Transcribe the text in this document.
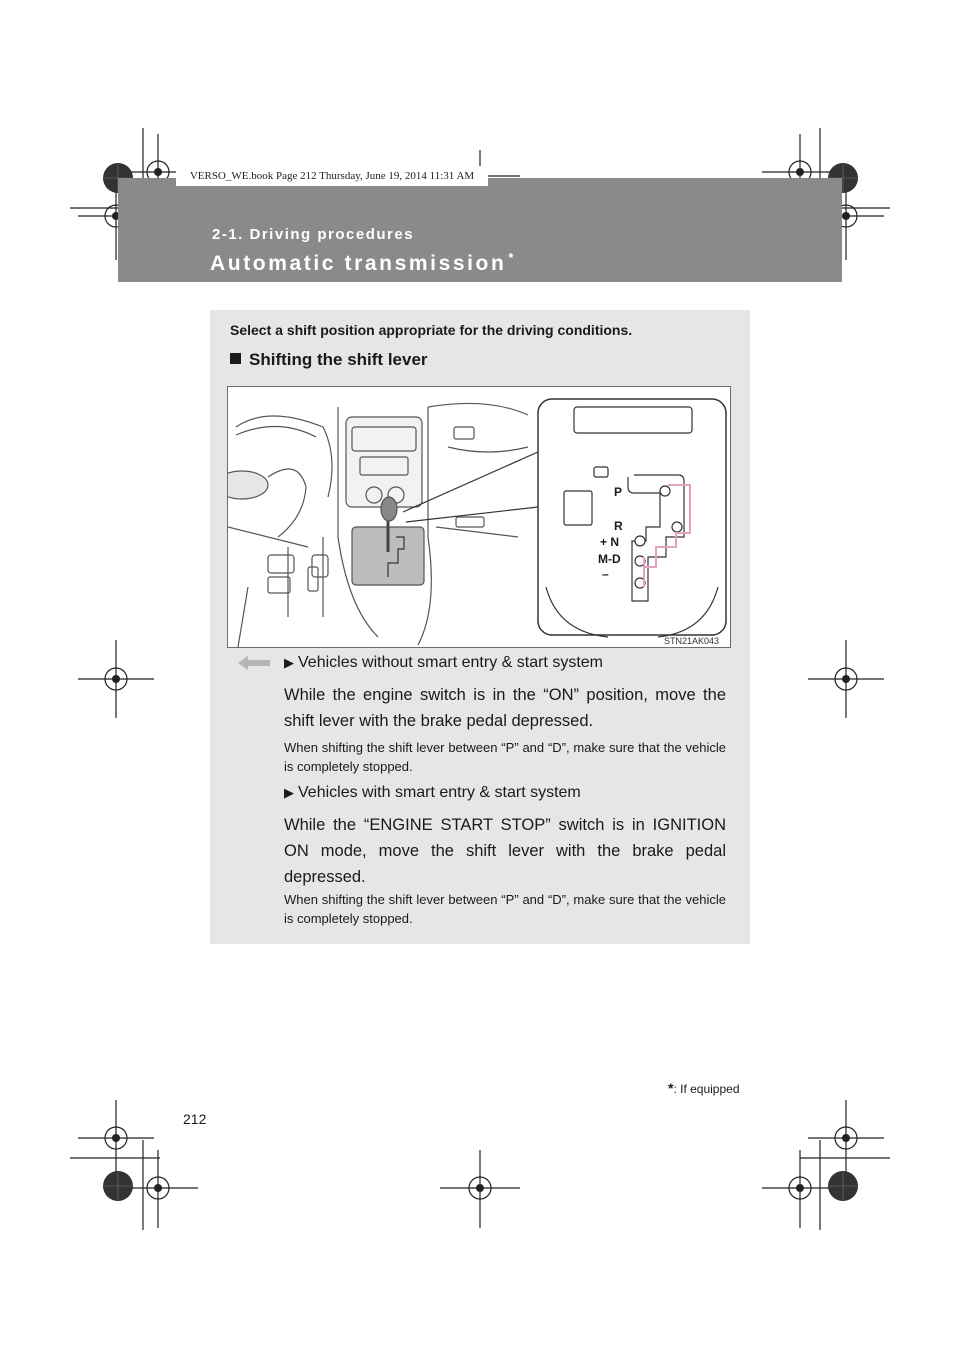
VERSO_WE.book Page 212 Thursday, June 19, 2014 11:31 AM
2-1. Driving procedures
Automatic transmission *
Select a shift position appropriate for the driving conditions.
Shifting the shift lever
P
R
+ N
M-D
–
STN21AK043
▶ Vehicles without smart entry & start system
While the engine switch is in the “ON” position, move the shift lever with the brake pedal depressed.
When shifting the shift lever between “P” and “D”, make sure that the vehicle is completely stopped.
▶ Vehicles with smart entry & start system
While the “ENGINE START STOP” switch is in IGNITION ON mode, move the shift lever with the brake pedal depressed.
When shifting the shift lever between “P” and “D”, make sure that the vehicle is completely stopped.
*: If equipped
212
